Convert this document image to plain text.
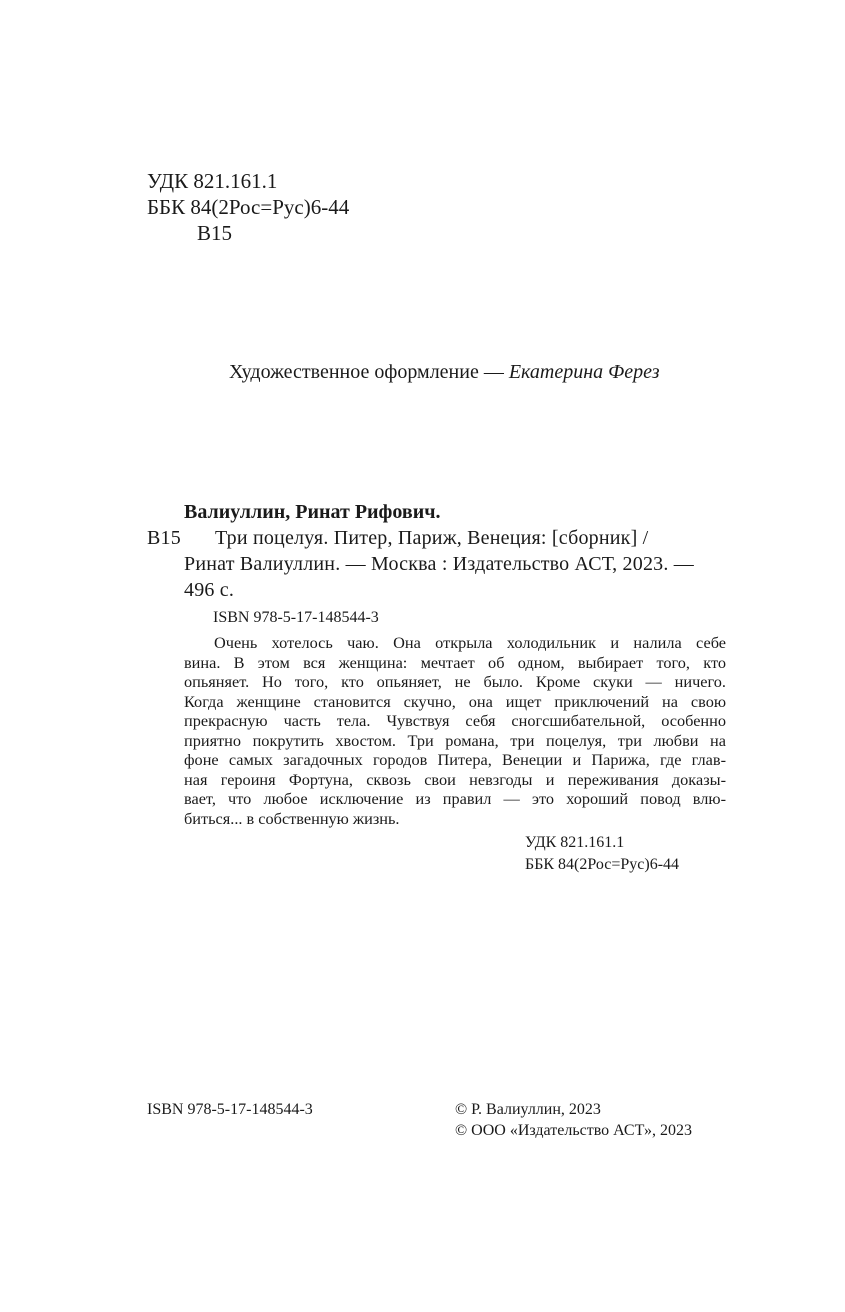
УДК 821.161.1
ББК 84(2Рос=Рус)6-44
В15
Художественное оформление — Екатерина Ферез
Валиуллин, Ринат Рифович.
В15 Три поцелуя. Питер, Париж, Венеция: [сборник] /
Ринат Валиуллин. — Москва : Издательство АСТ, 2023. —
496 с.
ISBN 978-5-17-148544-3
Очень хотелось чаю. Она открыла холодильник и налила себе
вина. В этом вся женщина: мечтает об одном, выбирает того, кто
опьяняет. Но того, кто опьяняет, не было. Кроме скуки — ничего.
Когда женщине становится скучно, она ищет приключений на свою
прекрасную часть тела. Чувствуя себя сногсшибательной, особенно
приятно покрутить хвостом. Три романа, три поцелуя, три любви на
фоне самых загадочных городов Питера, Венеции и Парижа, где глав-
ная героиня Фортуна, сквозь свои невзгоды и переживания доказы-
вает, что любое исключение из правил — это хороший повод влю-
биться... в собственную жизнь.
УДК 821.161.1
ББК 84(2Рос=Рус)6-44
ISBN 978-5-17-148544-3	© Р. Валиуллин, 2023
© ООО «Издательство АСТ», 2023
